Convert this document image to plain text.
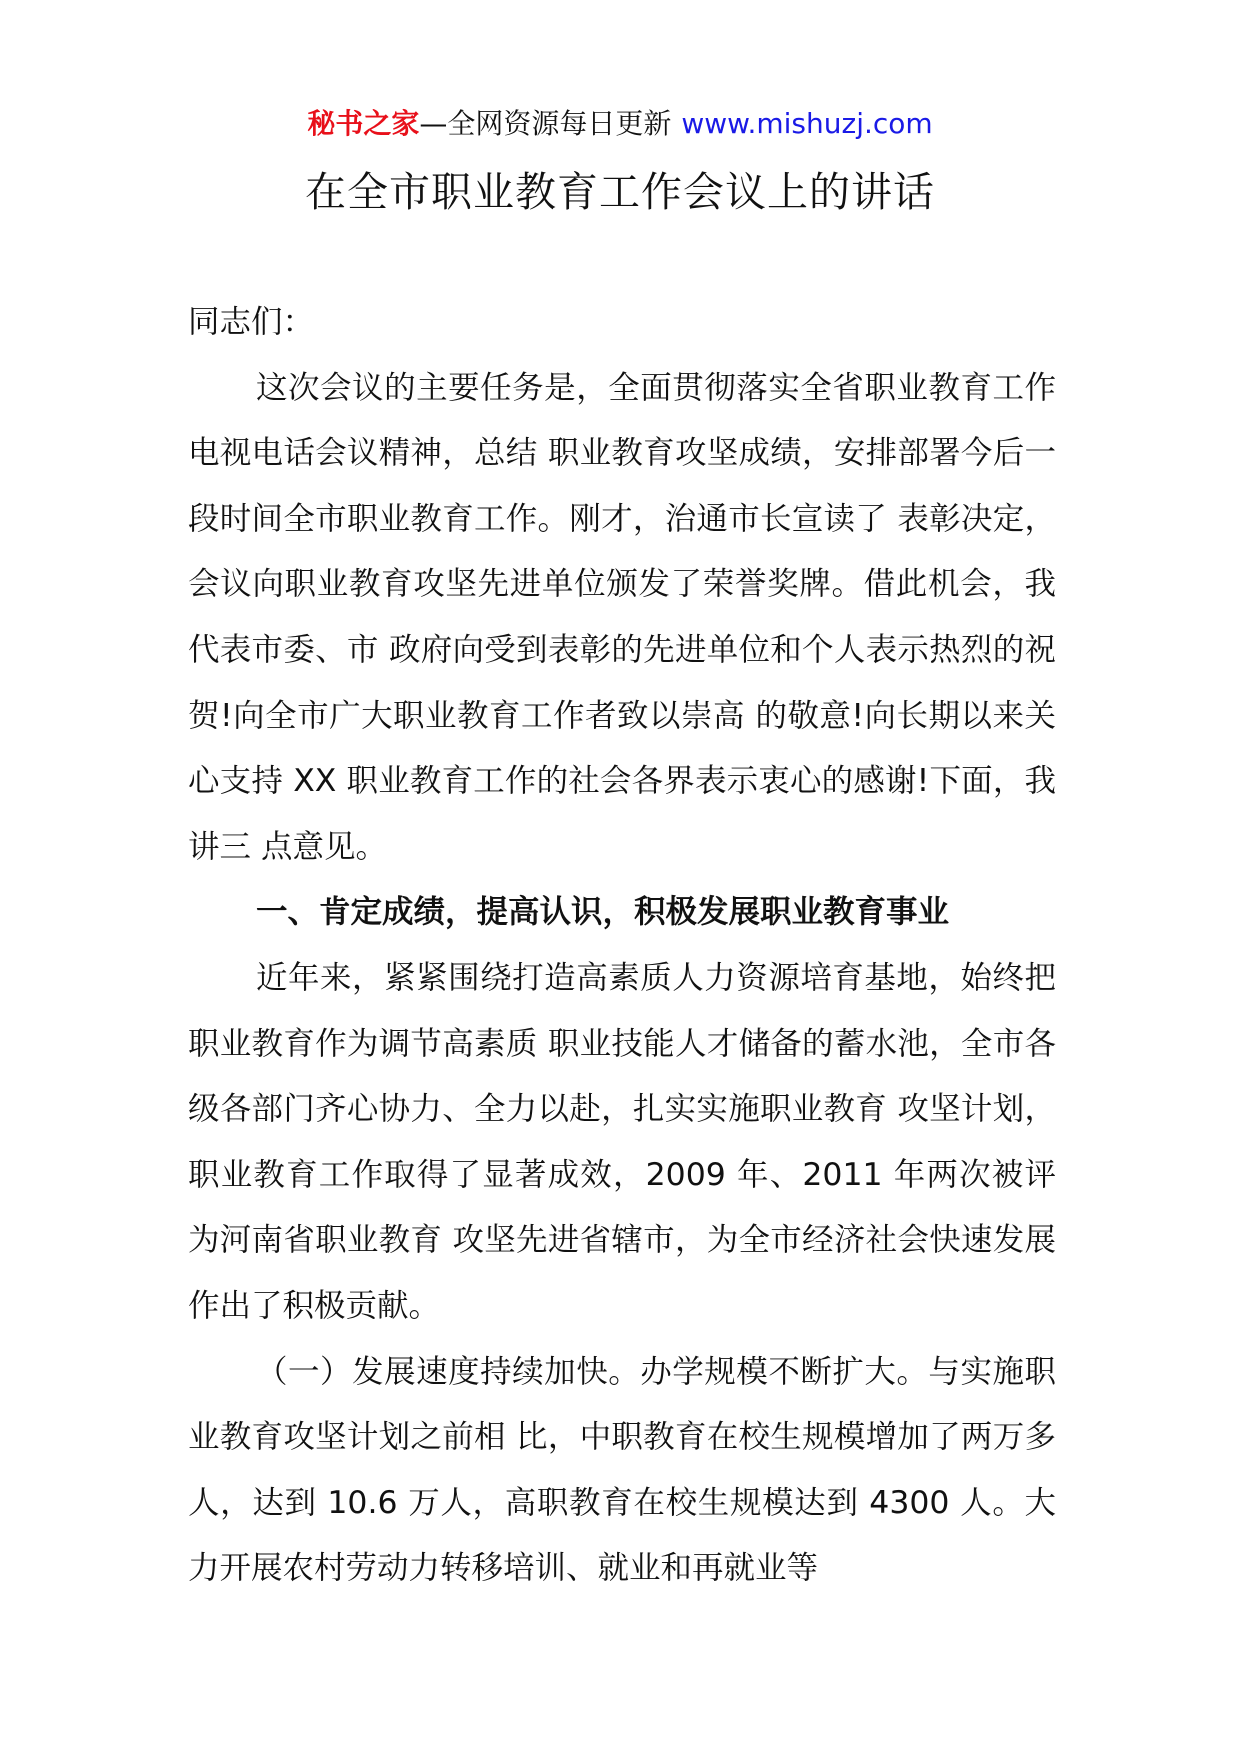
秘书之家—全网资源每日更新 www.mishuzj.com
在全市职业教育工作会议上的讲话

同志们：

这次会议的主要任务是，全面贯彻落实全省职业教育工作电视电话会议精神，总结 职业教育攻坚成绩，安排部署今后一段时间全市职业教育工作。刚才，治通市长宣读了 表彰决定，会议向职业教育攻坚先进单位颁发了荣誉奖牌。借此机会，我代表市委、市 政府向受到表彰的先进单位和个人表示热烈的祝贺!向全市广大职业教育工作者致以崇高 的敬意!向长期以来关心支持 XX 职业教育工作的社会各界表示衷心的感谢!下面，我讲三 点意见。

一、肯定成绩，提高认识，积极发展职业教育事业

近年来，紧紧围绕打造高素质人力资源培育基地，始终把职业教育作为调节高素质 职业技能人才储备的蓄水池，全市各级各部门齐心协力、全力以赴，扎实实施职业教育 攻坚计划，职业教育工作取得了显著成效，2009 年、2011 年两次被评为河南省职业教育 攻坚先进省辖市，为全市经济社会快速发展作出了积极贡献。

（一）发展速度持续加快。办学规模不断扩大。与实施职业教育攻坚计划之前相 比，中职教育在校生规模增加了两万多人，达到 10.6 万人，高职教育在校生规模达到 4300 人。大力开展农村劳动力转移培训、就业和再就业等
